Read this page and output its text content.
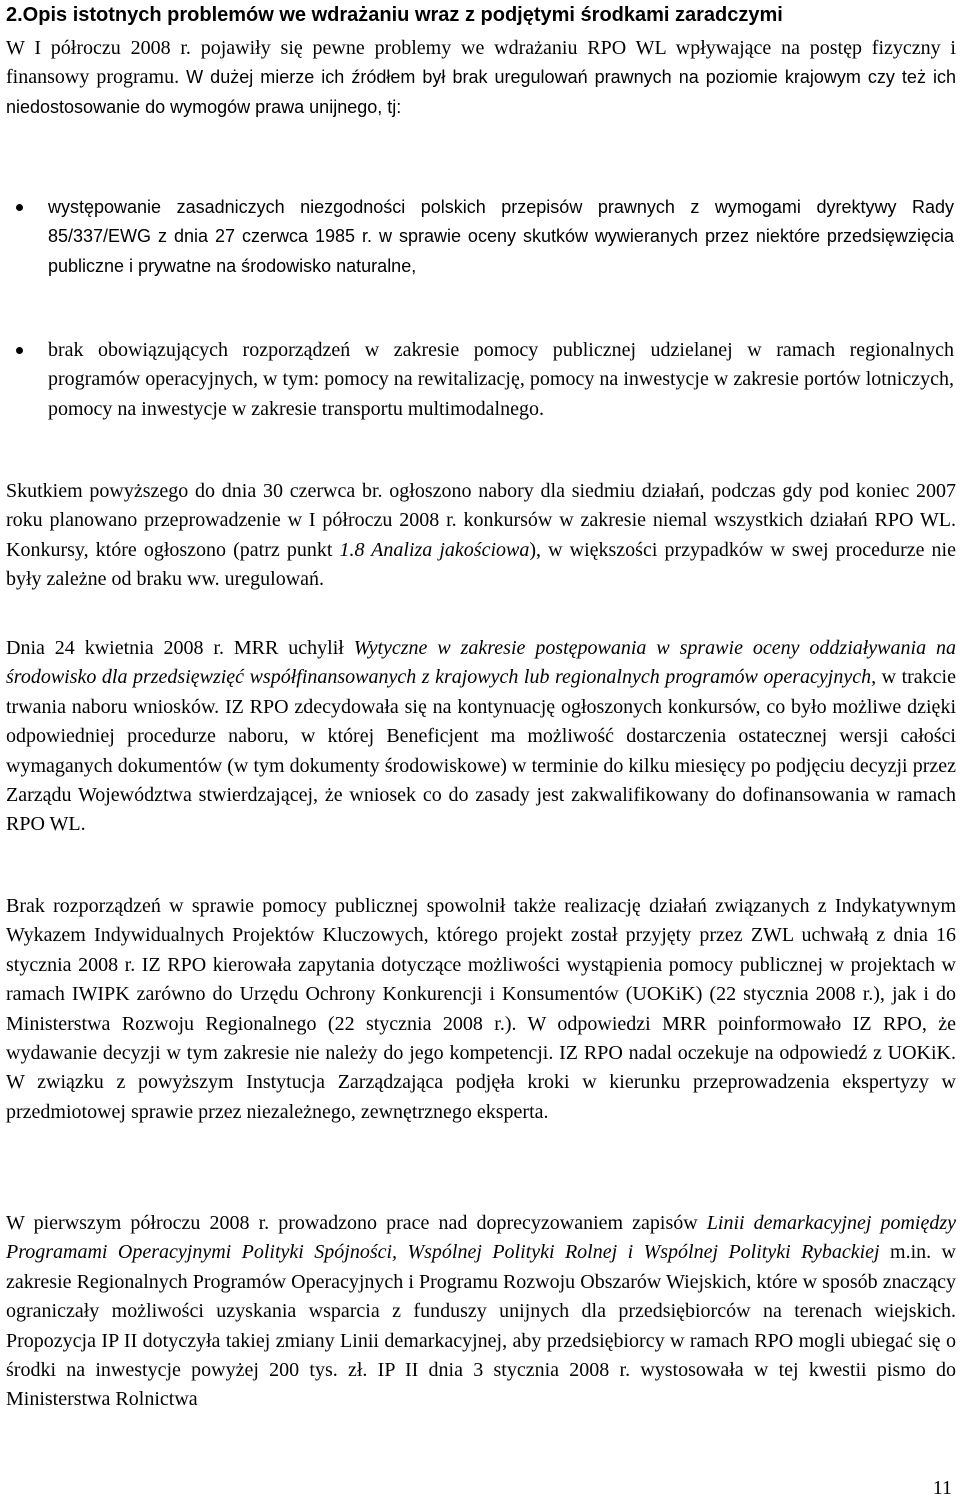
2.Opis istotnych problemów we wdrażaniu wraz z podjętymi środkami zaradczymi

W I półroczu 2008 r. pojawiły się pewne problemy we wdrażaniu RPO WL wpływające na postęp fizyczny i finansowy programu. W dużej mierze ich źródłem był brak uregulowań prawnych na poziomie krajowym czy też ich niedostosowanie do wymogów prawa unijnego, tj:

występowanie zasadniczych niezgodności polskich przepisów prawnych z wymogami dyrektywy Rady 85/337/EWG z dnia 27 czerwca 1985 r. w sprawie oceny skutków wywieranych przez niektóre przedsięwzięcia publiczne i prywatne na środowisko naturalne,

brak obowiązujących rozporządzeń w zakresie pomocy publicznej udzielanej w ramach regionalnych programów operacyjnych, w tym: pomocy na rewitalizację, pomocy na inwestycje w zakresie portów lotniczych, pomocy na inwestycje w zakresie transportu multimodalnego.

Skutkiem powyższego do dnia 30 czerwca br. ogłoszono nabory dla siedmiu działań, podczas gdy pod koniec 2007 roku planowano przeprowadzenie w I półroczu 2008 r. konkursów w zakresie niemal wszystkich działań RPO WL. Konkursy, które ogłoszono (patrz punkt 1.8 Analiza jakościowa), w większości przypadków w swej procedurze nie były zależne od braku ww. uregulowań.

Dnia 24 kwietnia 2008 r. MRR uchylił Wytyczne w zakresie postępowania w sprawie oceny oddziaływania na środowisko dla przedsięwzięć współfinansowanych z krajowych lub regionalnych programów operacyjnych, w trakcie trwania naboru wniosków. IZ RPO zdecydowała się na kontynuację ogłoszonych konkursów, co było możliwe dzięki odpowiedniej procedurze naboru, w której Beneficjent ma możliwość dostarczenia ostatecznej wersji całości wymaganych dokumentów (w tym dokumenty środowiskowe) w terminie do kilku miesięcy po podjęciu decyzji przez Zarządu Województwa stwierdzającej, że wniosek co do zasady jest zakwalifikowany do dofinansowania w ramach RPO WL.

Brak rozporządzeń w sprawie pomocy publicznej spowolnił także realizację działań związanych z Indykatywnym Wykazem Indywidualnych Projektów Kluczowych, którego projekt został przyjęty przez ZWL uchwałą z dnia 16 stycznia 2008 r. IZ RPO kierowała zapytania dotyczące możliwości wystąpienia pomocy publicznej w projektach w ramach IWIPK zarówno do Urzędu Ochrony Konkurencji i Konsumentów (UOKiK) (22 stycznia 2008 r.), jak i do Ministerstwa Rozwoju Regionalnego (22 stycznia 2008 r.). W odpowiedzi MRR poinformowało IZ RPO, że wydawanie decyzji w tym zakresie nie należy do jego kompetencji. IZ RPO nadal oczekuje na odpowiedź z UOKiK. W związku z powyższym Instytucja Zarządzająca podjęła kroki w kierunku przeprowadzenia ekspertyzy w przedmiotowej sprawie przez niezależnego, zewnętrznego eksperta.

W pierwszym półroczu 2008 r. prowadzono prace nad doprecyzowaniem zapisów Linii demarkacyjnej pomiędzy Programami Operacyjnymi Polityki Spójności, Wspólnej Polityki Rolnej i Wspólnej Polityki Rybackiej m.in. w zakresie Regionalnych Programów Operacyjnych i Programu Rozwoju Obszarów Wiejskich, które w sposób znaczący ograniczały możliwości uzyskania wsparcia z funduszy unijnych dla przedsiębiorców na terenach wiejskich. Propozycja IP II dotyczyła takiej zmiany Linii demarkacyjnej, aby przedsiębiorcy w ramach RPO mogli ubiegać się o środki na inwestycje powyżej 200 tys. zł. IP II dnia 3 stycznia 2008 r. wystosowała w tej kwestii pismo do Ministerstwa Rolnictwa

11
